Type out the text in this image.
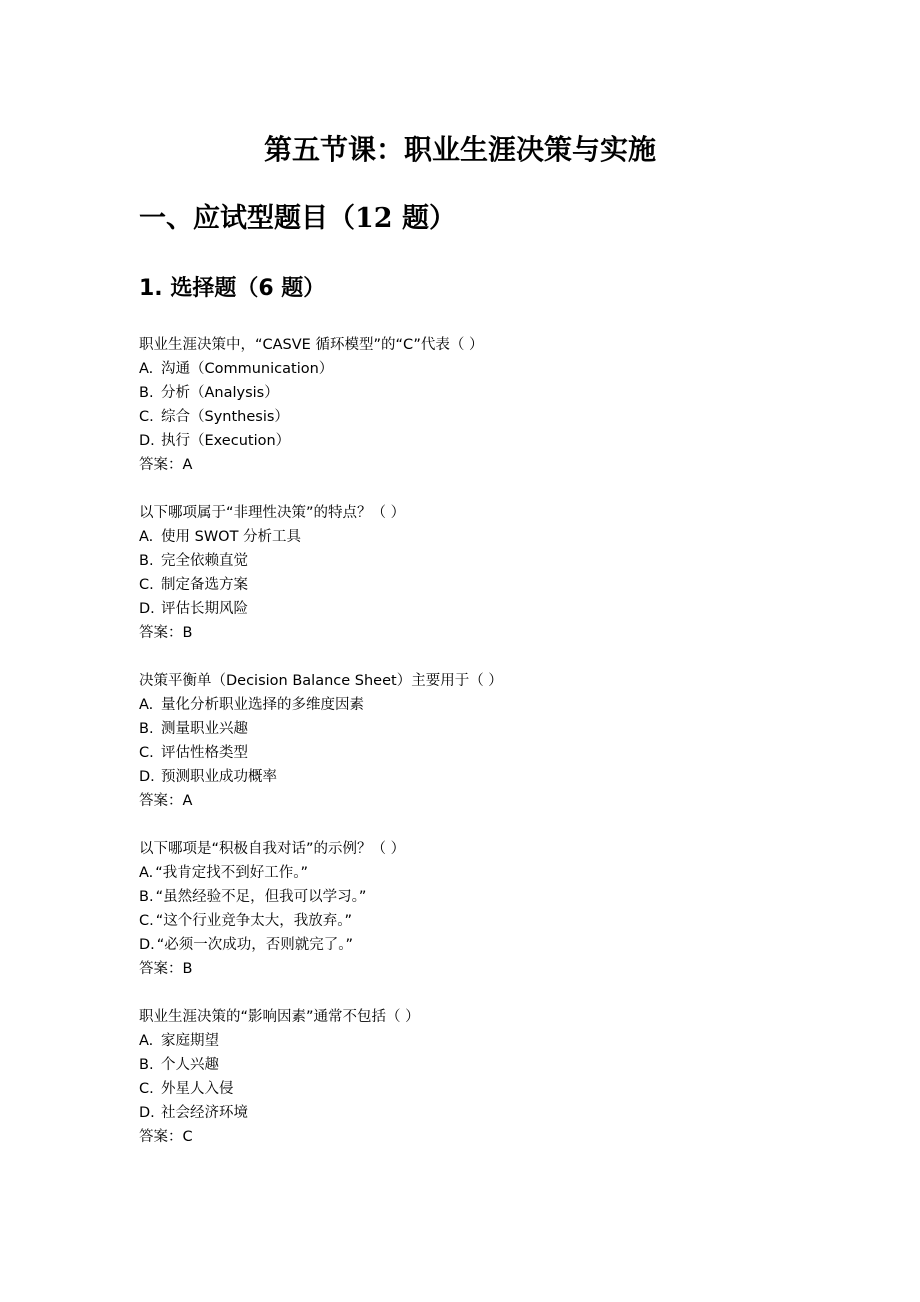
第五节课：职业生涯决策与实施
一、应试型题目（12 题）
1. 选择题（6 题）
职业生涯决策中，“CASVE 循环模型”的“C”代表（ ）
A. 沟通（Communication）
B. 分析（Analysis）
C. 综合（Synthesis）
D. 执行（Execution）
答案：A
以下哪项属于“非理性决策”的特点？（ ）
A. 使用 SWOT 分析工具
B. 完全依赖直觉
C. 制定备选方案
D. 评估长期风险
答案：B
决策平衡单（Decision Balance Sheet）主要用于（ ）
A. 量化分析职业选择的多维度因素
B. 测量职业兴趣
C. 评估性格类型
D. 预测职业成功概率
答案：A
以下哪项是“积极自我对话”的示例？（ ）
A. “我肯定找不到好工作。”
B. “虽然经验不足，但我可以学习。”
C. “这个行业竞争太大，我放弃。”
D. “必须一次成功，否则就完了。”
答案：B
职业生涯决策的“影响因素”通常不包括（ ）
A. 家庭期望
B. 个人兴趣
C. 外星人入侵
D. 社会经济环境
答案：C
